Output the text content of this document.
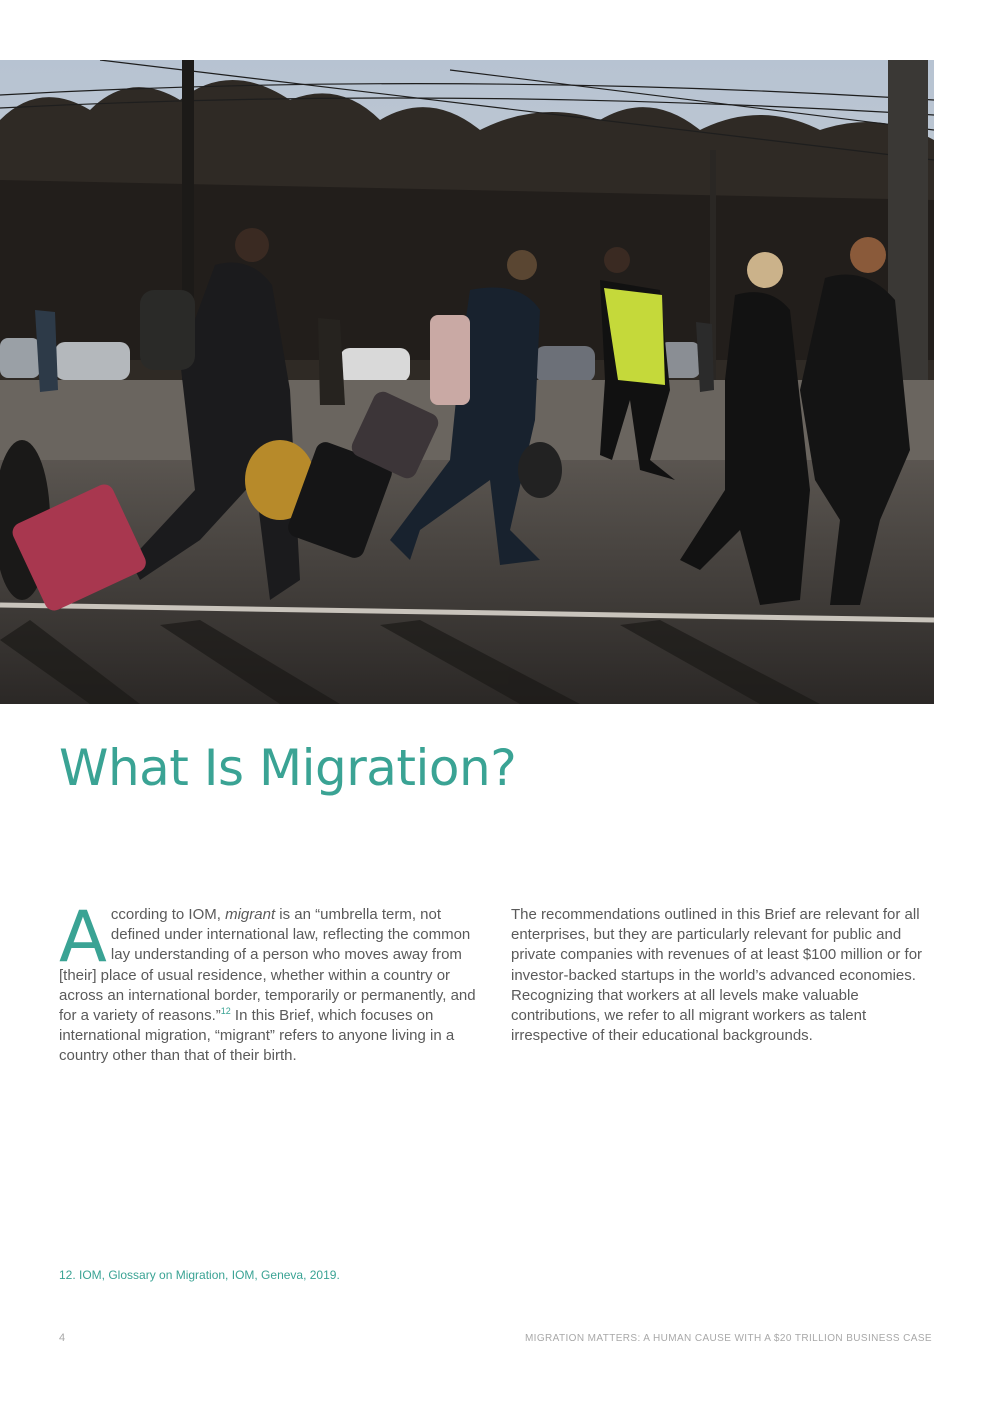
What Is Migration?

According to IOM, migrant is an “umbrella term, not defined under international law, reflecting the common lay understanding of a person who moves away from [their] place of usual residence, whether within a country or across an international border, temporarily or permanently, and for a variety of reasons.”$^{12}$ In this Brief, which focuses on international migration, “migrant” refers to anyone living in a country other than that of their birth.

The recommendations outlined in this Brief are relevant for all enterprises, but they are particularly relevant for public and private companies with revenues of at least $100 million or for investor-backed startups in the world’s advanced economies. Recognizing that workers at all levels make valuable contributions, we refer to all migrant workers as talent irrespective of their educational backgrounds.

12. IOM, Glossary on Migration, IOM, Geneva, 2019.

4	MIGRATION MATTERS: A HUMAN CAUSE WITH A $20 TRILLION BUSINESS CASE
